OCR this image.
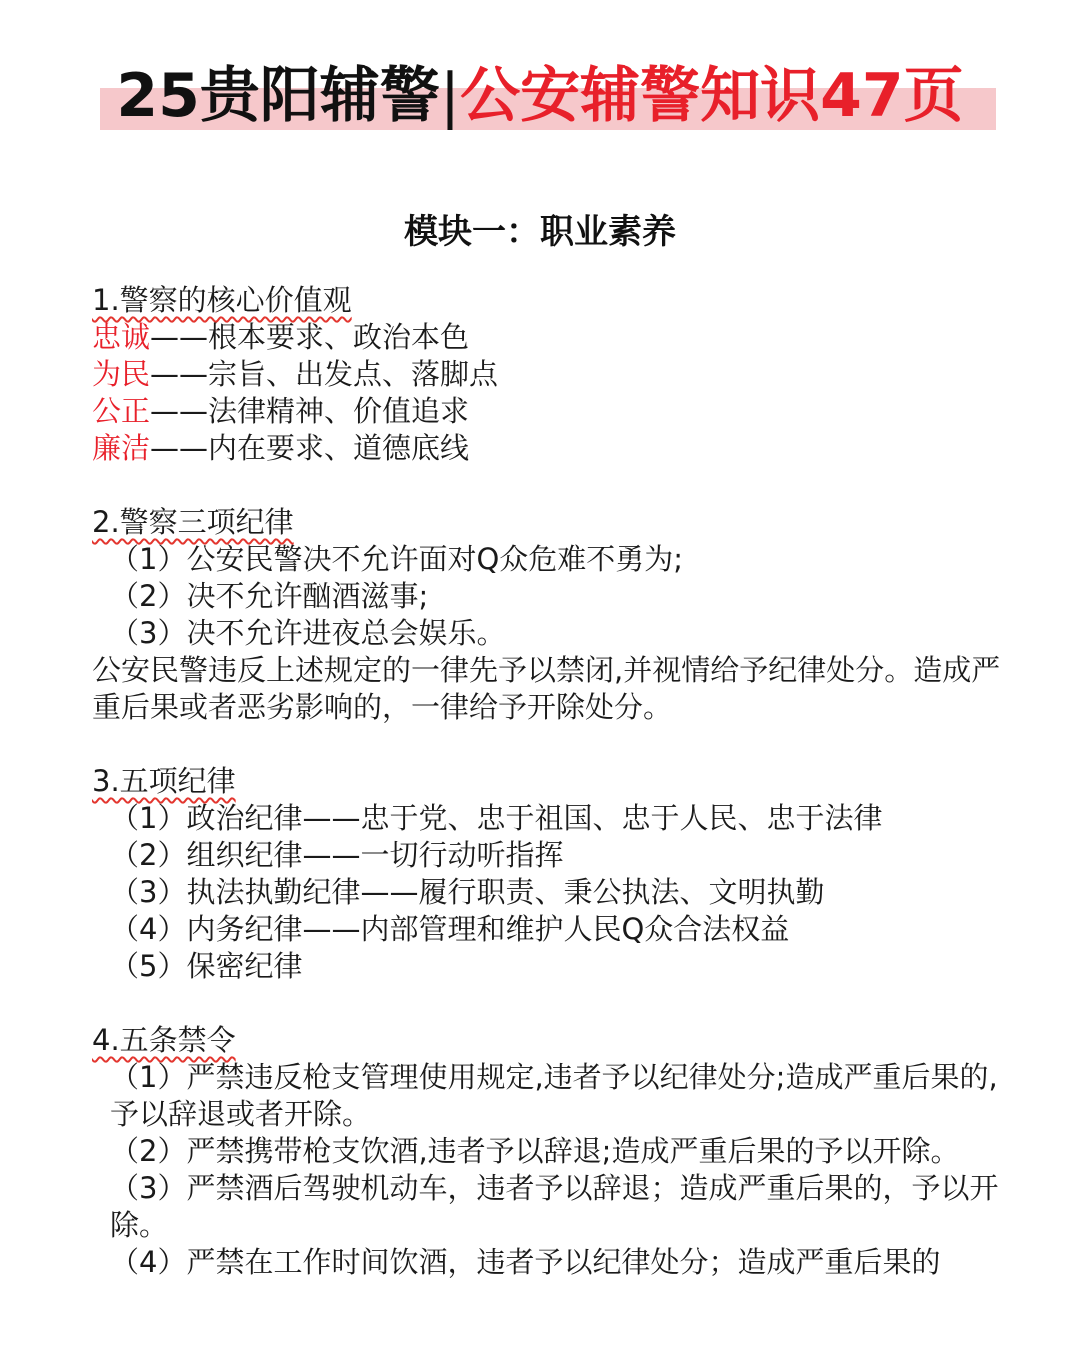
25贵阳辅警|公安辅警知识47页
模块一：职业素养
1.警察的核心价值观
忠诚——根本要求、政治本色
为民——宗旨、出发点、落脚点
公正——法律精神、价值追求
廉洁——内在要求、道德底线
2.警察三项纪律
（1）公安民警决不允许面对Q众危难不勇为;
（2）决不允许酗酒滋事;
（3）决不允许进夜总会娱乐。
公安民警违反上述规定的一律先予以禁闭,并视情给予纪律处分。造成严重后果或者恶劣影响的，一律给予开除处分。
3.五项纪律
（1）政治纪律——忠于党、忠于祖国、忠于人民、忠于法律
（2）组织纪律——一切行动听指挥
（3）执法执勤纪律——履行职责、秉公执法、文明执勤
（4）内务纪律——内部管理和维护人民Q众合法权益
（5）保密纪律
4.五条禁令
（1）严禁违反枪支管理使用规定,违者予以纪律处分;造成严重后果的,予以辞退或者开除。
（2）严禁携带枪支饮酒,违者予以辞退;造成严重后果的予以开除。
（3）严禁酒后驾驶机动车，违者予以辞退；造成严重后果的，予以开除。
（4）严禁在工作时间饮酒，违者予以纪律处分；造成严重后果的
